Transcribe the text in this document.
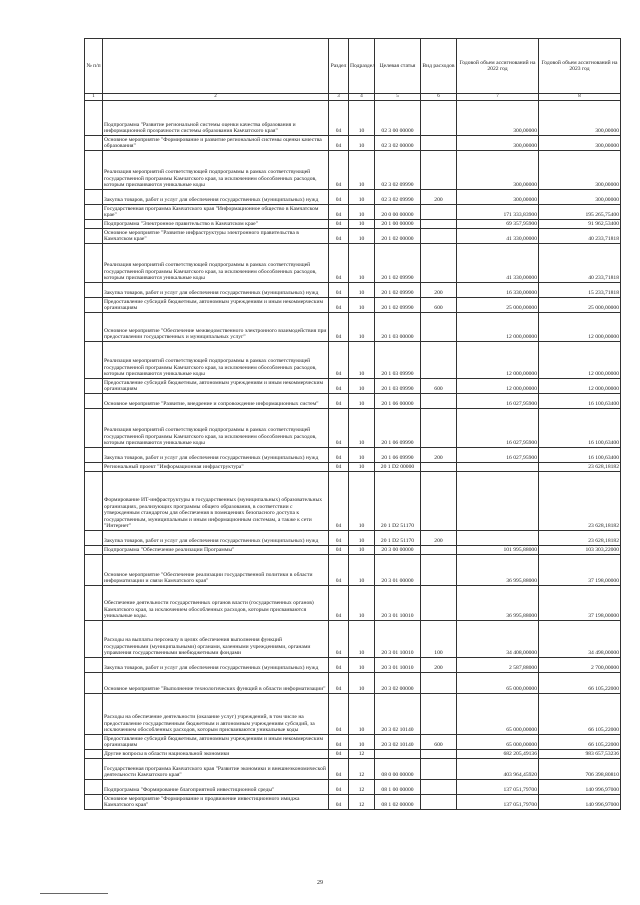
№ п/п		Раздел	Подраздел	Целевая статья	Вид расходов	Годовой объем ассигнований на 2022 год	Годовой объем ассигнований на 2023 год
1	2	3	4	5	6	7	8
	Подпрограмма "Развитие региональной системы оценки качества образования и информационной прозрачности системы образования Камчатского края"	04	10	02 3 00 00000		300,00000	300,00000
	Основное мероприятие "Формирование и развитие региональной системы оценки качества образования"	04	10	02 3 02 00000		300,00000	300,00000
	Реализация мероприятий соответствующей подпрограммы в рамках соответствующей государственной программы Камчатского края, за исключением обособленных расходов, которым присваиваются уникальные коды	04	10	02 3 02 09990		300,00000	300,00000
	Закупка товаров, работ и услуг для обеспечения государственных (муниципальных) нужд	04	10	02 3 02 09990	200	300,00000	300,00000
	Государственная программа Камчатского края "Информационное общество в Камчатском крае"	04	10	20 0 00 00000		171 333,83900	195 265,75400
	Подпрограмма "Электронное правительство в Камчатском крае"	04	10	20 1 00 00000		69 357,95900	91 962,53400
	Основное мероприятие "Развитие инфраструктуры электронного правительства в Камчатском крае"	04	10	20 1 02 00000		41 330,00000	40 233,71818
	Реализация мероприятий соответствующей подпрограммы в рамках соответствующей государственной программы Камчатского края, за исключением обособленных расходов, которым присваиваются уникальные коды	04	10	20 1 02 09990		41 330,00000	40 233,71818
	Закупка товаров, работ и услуг для обеспечения государственных (муниципальных) нужд	04	10	20 1 02 09990	200	16 330,00000	15 233,71818
	Предоставление субсидий бюджетным, автономным учреждениям и иным некоммерческим организациям	04	10	20 1 02 09990	600	25 000,00000	25 000,00000
	Основное мероприятие "Обеспечение межведомственного электронного взаимодействия при предоставлении государственных и муниципальных услуг"	04	10	20 1 03 00000		12 000,00000	12 000,00000
	Реализация мероприятий соответствующей подпрограммы в рамках соответствующей государственной программы Камчатского края, за исключением обособленных расходов, которым присваиваются уникальные коды	04	10	20 1 03 09990		12 000,00000	12 000,00000
	Предоставление субсидий бюджетным, автономным учреждениям и иным некоммерческим организациям	04	10	20 1 03 09990	600	12 000,00000	12 000,00000
	Основное мероприятие "Развитие, внедрение и сопровождение информационных систем"	04	10	20 1 06 00000		16 027,95900	16 100,63400
	Реализация мероприятий соответствующей подпрограммы в рамках соответствующей государственной программы Камчатского края, за исключением обособленных расходов, которым присваиваются уникальные коды	04	10	20 1 06 09990		16 027,95900	16 100,63400
	Закупка товаров, работ и услуг для обеспечения государственных (муниципальных) нужд	04	10	20 1 06 09990	200	16 027,95900	16 100,63400
	Региональный проект "Информационная инфраструктура"	04	10	20 1 D2 00000			23 628,18182
	Формирование ИТ-инфраструктуры в государственных (муниципальных) образовательных организациях, реализующих программы общего образования, в соответствии с утвержденным стандартом для обеспечения в помещениях безопасного доступа к государственным, муниципальным и иным информационным системам, а также к сети "Интернет"	04	10	20 1 D2 51170			23 628,18182
	Закупка товаров, работ и услуг для обеспечения государственных (муниципальных) нужд	04	10	20 1 D2 51170	200		23 628,18182
	Подпрограмма "Обеспечение реализации Программы"	04	10	20 3 00 00000		101 995,88000	103 303,22000
	Основное мероприятие "Обеспечение реализации государственной политики в области информатизации и связи Камчатского края"	04	10	20 3 01 00000		36 995,88000	37 198,00000
	Обеспечение деятельности государственных органов власти (государственных органов) Камчатского края, за исключением обособленных расходов, которым присваиваются уникальные коды.	04	10	20 3 01 10010		36 995,88000	37 198,00000
	Расходы на выплаты персоналу в целях обеспечения выполнения функций государственными (муниципальными) органами, казенными учреждениями, органами управления государственными внебюджетными фондами	04	10	20 3 01 10010	100	34 408,00000	34 498,00000
	Закупка товаров, работ и услуг для обеспечения государственных (муниципальных) нужд	04	10	20 3 01 10010	200	2 587,88000	2 700,00000
	Основное мероприятие "Выполнение технологических функций в области информатизации"	04	10	20 3 02 00000		65 000,00000	66 105,22000
	Расходы на обеспечение деятельности (оказание услуг) учреждений, в том числе на предоставление государственным бюджетным и автономным учреждениям субсидий, за исключением обособленных расходов, которым присваиваются уникальные коды	04	10	20 3 02 10140		65 000,00000	66 105,22000
	Предоставление субсидий бюджетным, автономным учреждениям и иным некоммерческим организациям	04	10	20 3 02 10140	600	65 000,00000	66 105,22000
	Другие вопросы в области национальной экономики	04	12			682 205,49136	983 657,53236
	Государственная программа Камчатского края "Развитие экономики и внешнеэкономической деятельности Камчатского края"	04	12	08 0 00 00000		403 964,45920	706 398,80810
	Подпрограмма "Формирование благоприятной инвестиционной среды"	04	12	08 1 00 00000		137 051,79700	140 996,97000
	Основное мероприятие "Формирование и продвижение инвестиционного имиджа Камчатского края"	04	12	08 1 02 00000		137 051,79700	140 996,97000
29
